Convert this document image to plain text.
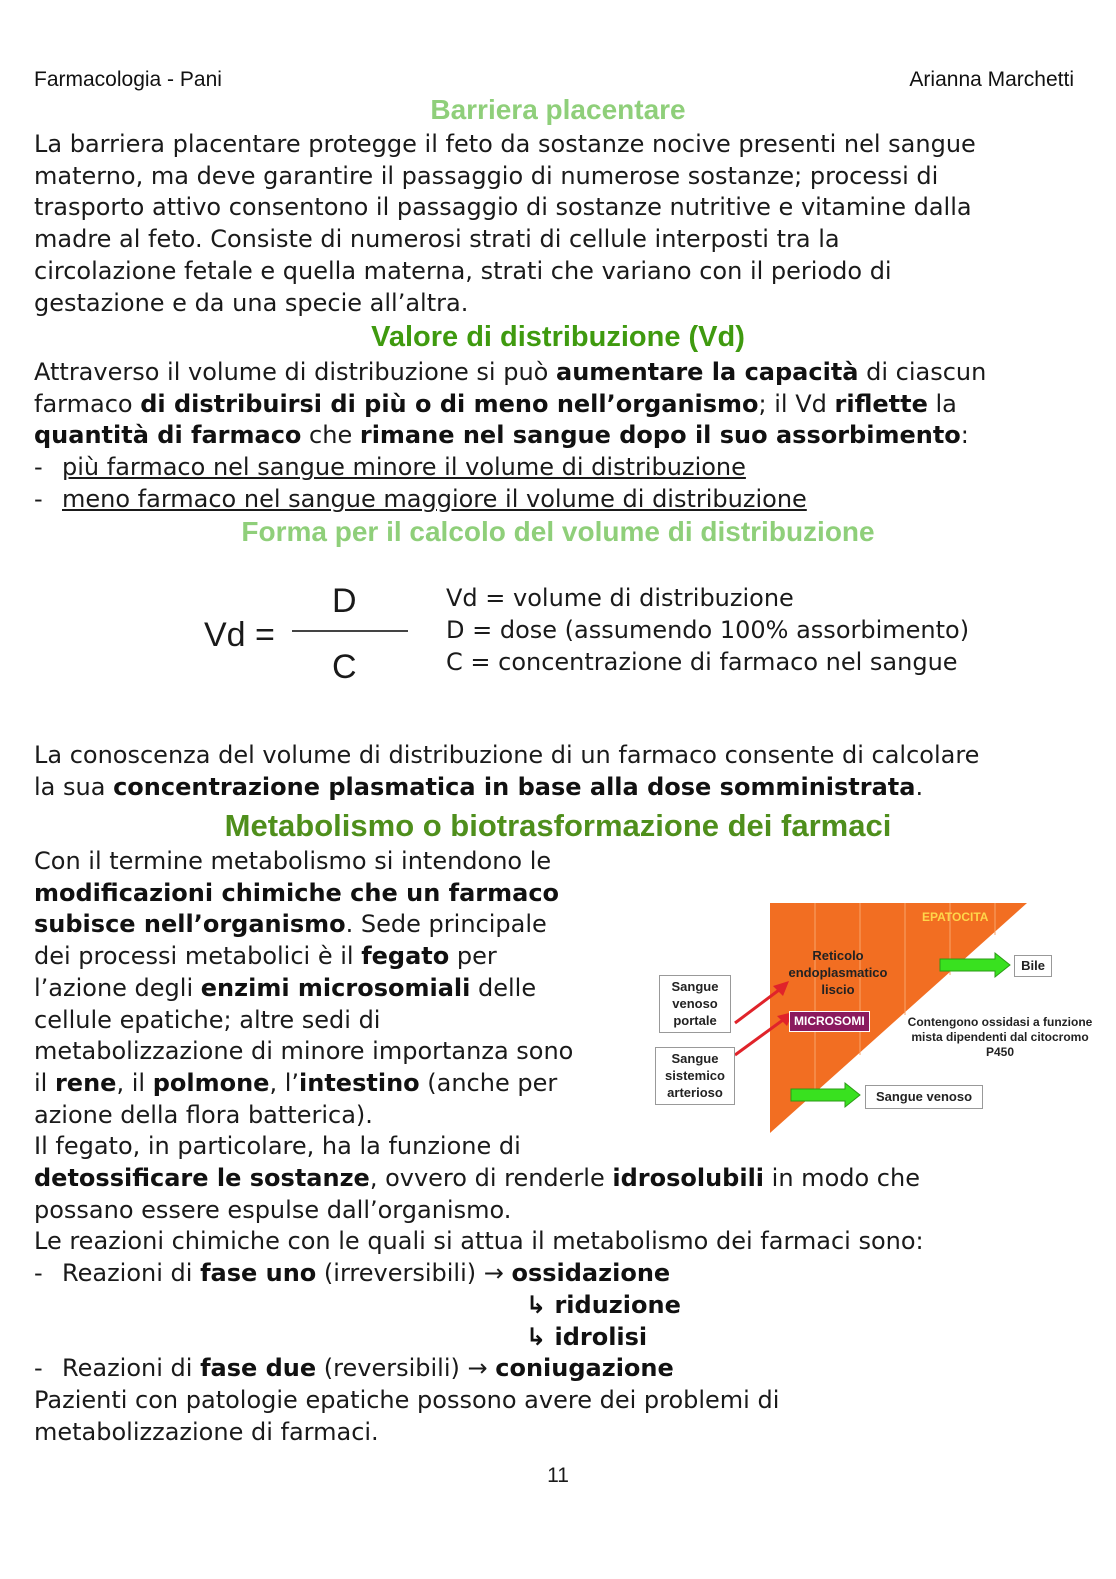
Farmacologia - Pani	Arianna Marchetti
Barriera placentare
La barriera placentare protegge il feto da sostanze nocive presenti nel sangue
materno, ma deve garantire il passaggio di numerose sostanze; processi di
trasporto attivo consentono il passaggio di sostanze nutritive e vitamine dalla
madre al feto. Consiste di numerosi strati di cellule interposti tra la
circolazione fetale e quella materna, strati che variano con il periodo di
gestazione e da una specie all’altra.
Valore di distribuzione (Vd)
Attraverso il volume di distribuzione si può aumentare la capacità di ciascun
farmaco di distribuirsi di più o di meno nell’organismo; il Vd riflette la
quantità di farmaco che rimane nel sangue dopo il suo assorbimento:
- più farmaco nel sangue minore il volume di distribuzione
- meno farmaco nel sangue maggiore il volume di distribuzione
Forma per il calcolo del volume di distribuzione
Vd =
D
C
Vd = volume di distribuzione
D = dose (assumendo 100% assorbimento)
C = concentrazione di farmaco nel sangue
La conoscenza del volume di distribuzione di un farmaco consente di calcolare
la sua concentrazione plasmatica in base alla dose somministrata.
Metabolismo o biotrasformazione dei farmaci
Con il termine metabolismo si intendono le
modificazioni chimiche che un farmaco
subisce nell’organismo. Sede principale
dei processi metabolici è il fegato per
l’azione degli enzimi microsomiali delle
cellule epatiche; altre sedi di
metabolizzazione di minore importanza sono
il rene, il polmone, l’intestino (anche per
azione della flora batterica).
Il fegato, in particolare, ha la funzione di
detossificare le sostanze, ovvero di renderle idrosolubili in modo che
possano essere espulse dall’organismo.
Le reazioni chimiche con le quali si attua il metabolismo dei farmaci sono:
- Reazioni di fase uno (irreversibili) → ossidazione
↳ riduzione
↳ idrolisi
- Reazioni di fase due (reversibili) → coniugazione
Pazienti con patologie epatiche possono avere dei problemi di
metabolizzazione di farmaci.
EPATOCITA
Reticolo
endoplasmatico
liscio
MICROSOMI
Bile
Sangue
venoso
portale
Sangue
sistemico
arterioso	Sangue venoso
Contengono ossidasi a funzione
mista dipendenti dal citocromo
P450
11
